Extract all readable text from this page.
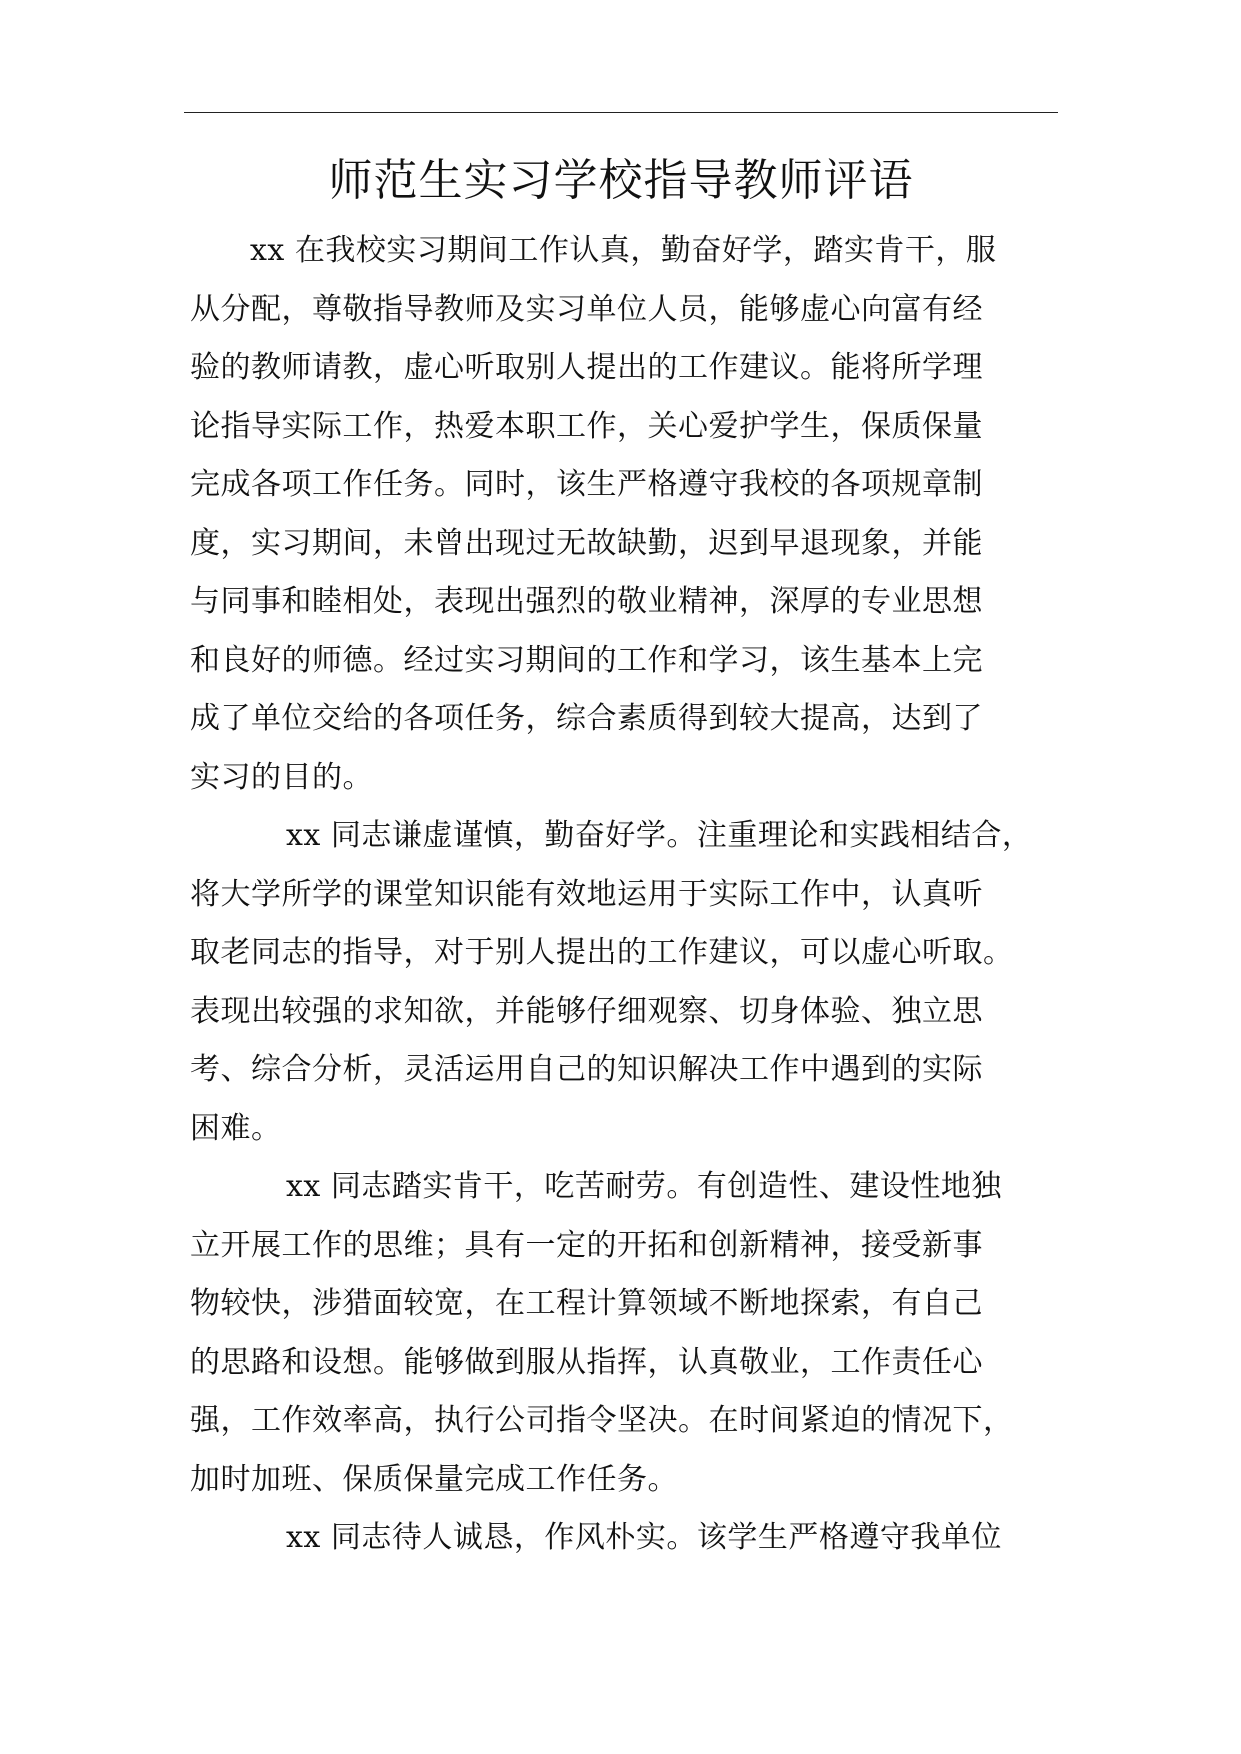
师范生实习学校指导教师评语
xx 在我校实习期间工作认真，勤奋好学，踏实肯干，服
从分配，尊敬指导教师及实习单位人员，能够虚心向富有经
验的教师请教，虚心听取别人提出的工作建议。能将所学理
论指导实际工作，热爱本职工作，关心爱护学生，保质保量
完成各项工作任务。同时，该生严格遵守我校的各项规章制
度，实习期间，未曾出现过无故缺勤，迟到早退现象，并能
与同事和睦相处，表现出强烈的敬业精神，深厚的专业思想
和良好的师德。经过实习期间的工作和学习，该生基本上完
成了单位交给的各项任务，综合素质得到较大提高，达到了
实习的目的。
xx 同志谦虚谨慎，勤奋好学。注重理论和实践相结合，
将大学所学的课堂知识能有效地运用于实际工作中，认真听
取老同志的指导，对于别人提出的工作建议，可以虚心听取。
表现出较强的求知欲，并能够仔细观察、切身体验、独立思
考、综合分析，灵活运用自己的知识解决工作中遇到的实际
困难。
xx 同志踏实肯干，吃苦耐劳。有创造性、建设性地独
立开展工作的思维；具有一定的开拓和创新精神，接受新事
物较快，涉猎面较宽，在工程计算领域不断地探索，有自己
的思路和设想。能够做到服从指挥，认真敬业，工作责任心
强，工作效率高，执行公司指令坚决。在时间紧迫的情况下，
加时加班、保质保量完成工作任务。
xx 同志待人诚恳，作风朴实。该学生严格遵守我单位
